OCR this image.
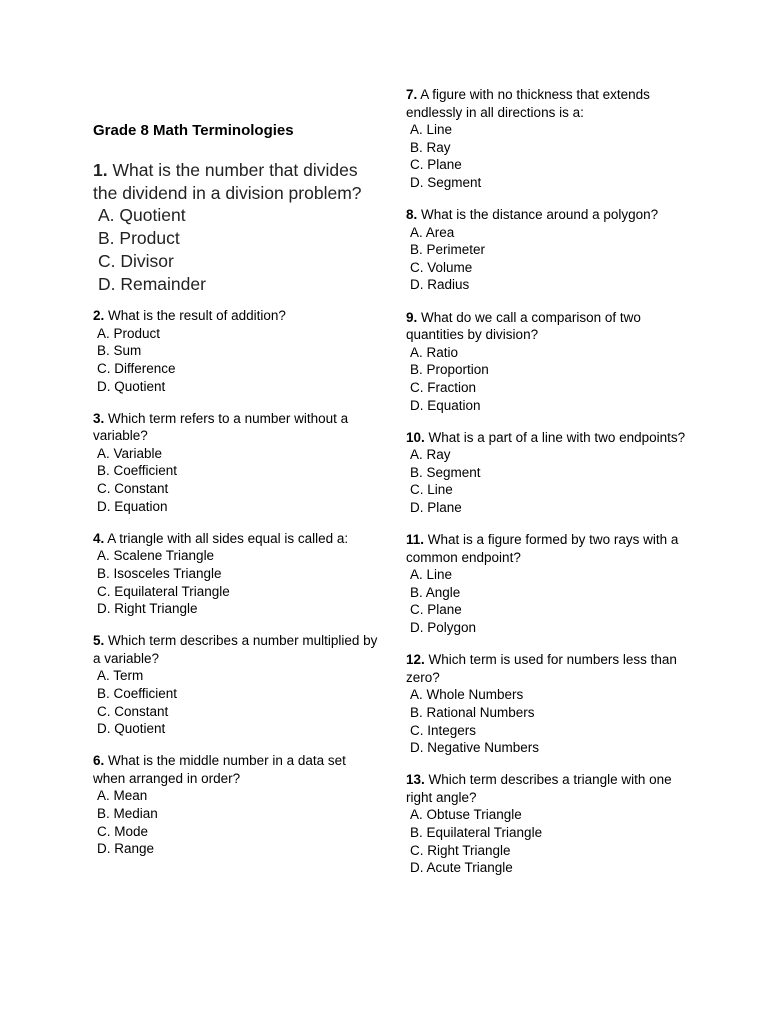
Grade 8 Math Terminologies

1. What is the number that divides the dividend in a division problem?

A. Quotient
B. Product
C. Divisor
D. Remainder

2. What is the result of addition?

A. Product
B. Sum
C. Difference
D. Quotient

3. Which term refers to a number without a variable?

A. Variable
B. Coefficient
C. Constant
D. Equation

4. A triangle with all sides equal is called a:

A. Scalene Triangle
B. Isosceles Triangle
C. Equilateral Triangle
D. Right Triangle

5. Which term describes a number multiplied by a variable?

A. Term
B. Coefficient
C. Constant
D. Quotient

6. What is the middle number in a data set when arranged in order?

A. Mean
B. Median
C. Mode
D. Range

7. A figure with no thickness that extends endlessly in all directions is a:

A. Line
B. Ray
C. Plane
D. Segment

8. What is the distance around a polygon?

A. Area
B. Perimeter
C. Volume
D. Radius

9. What do we call a comparison of two quantities by division?

A. Ratio
B. Proportion
C. Fraction
D. Equation

10. What is a part of a line with two endpoints?

A. Ray
B. Segment
C. Line
D. Plane

11. What is a figure formed by two rays with a common endpoint?

A. Line
B. Angle
C. Plane
D. Polygon

12. Which term is used for numbers less than zero?

A. Whole Numbers
B. Rational Numbers
C. Integers
D. Negative Numbers

13. Which term describes a triangle with one right angle?

A. Obtuse Triangle
B. Equilateral Triangle
C. Right Triangle
D. Acute Triangle
